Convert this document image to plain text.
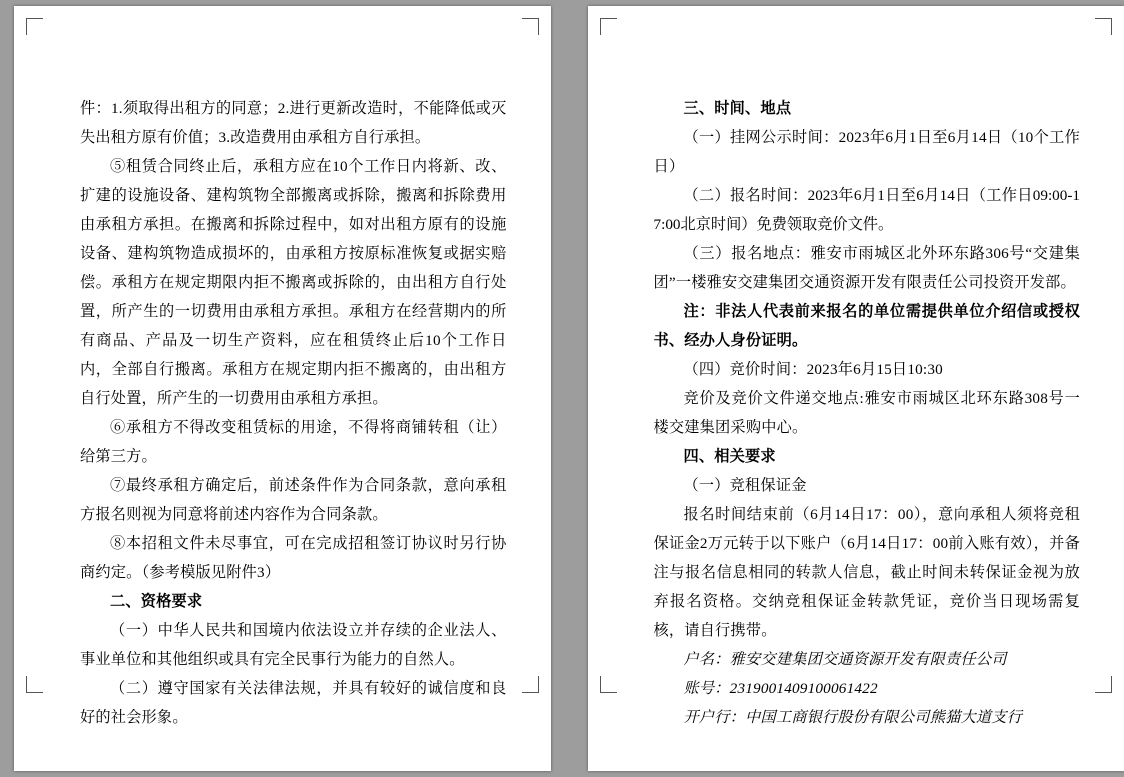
件：1.须取得出租方的同意；2.进行更新改造时，不能降低或灭失出租方原有价值；3.改造费用由承租方自行承担。

⑤租赁合同终止后，承租方应在10个工作日内将新、改、扩建的设施设备、建构筑物全部搬离或拆除，搬离和拆除费用由承租方承担。在搬离和拆除过程中，如对出租方原有的设施设备、建构筑物造成损坏的，由承租方按原标准恢复或据实赔偿。承租方在规定期限内拒不搬离或拆除的，由出租方自行处置，所产生的一切费用由承租方承担。承租方在经营期内的所有商品、产品及一切生产资料，应在租赁终止后10个工作日内，全部自行搬离。承租方在规定期内拒不搬离的，由出租方自行处置，所产生的一切费用由承租方承担。

⑥承租方不得改变租赁标的用途，不得将商铺转租（让）给第三方。

⑦最终承租方确定后，前述条件作为合同条款，意向承租方报名则视为同意将前述内容作为合同条款。

⑧本招租文件未尽事宜，可在完成招租签订协议时另行协商约定。（参考模版见附件3）

二、资格要求

（一）中华人民共和国境内依法设立并存续的企业法人、事业单位和其他组织或具有完全民事行为能力的自然人。

（二）遵守国家有关法律法规，并具有较好的诚信度和良好的社会形象。

三、时间、地点

（一）挂网公示时间：2023年6月1日至6月14日（10个工作日）

（二）报名时间：2023年6月1日至6月14日（工作日09:00-17:00北京时间）免费领取竞价文件。

（三）报名地点：雅安市雨城区北外环东路306号“交建集团”一楼雅安交建集团交通资源开发有限责任公司投资开发部。

注：非法人代表前来报名的单位需提供单位介绍信或授权书、经办人身份证明。

（四）竞价时间：2023年6月15日10:30

竞价及竞价文件递交地点:雅安市雨城区北环东路308号一楼交建集团采购中心。

四、相关要求

（一）竞租保证金

报名时间结束前（6月14日17：00），意向承租人须将竞租保证金2万元转于以下账户（6月14日17：00前入账有效），并备注与报名信息相同的转款人信息，截止时间未转保证金视为放弃报名资格。交纳竞租保证金转款凭证，竞价当日现场需复核，请自行携带。

户名：雅安交建集团交通资源开发有限责任公司

账号：2319001409100061422

开户行：中国工商银行股份有限公司熊猫大道支行
